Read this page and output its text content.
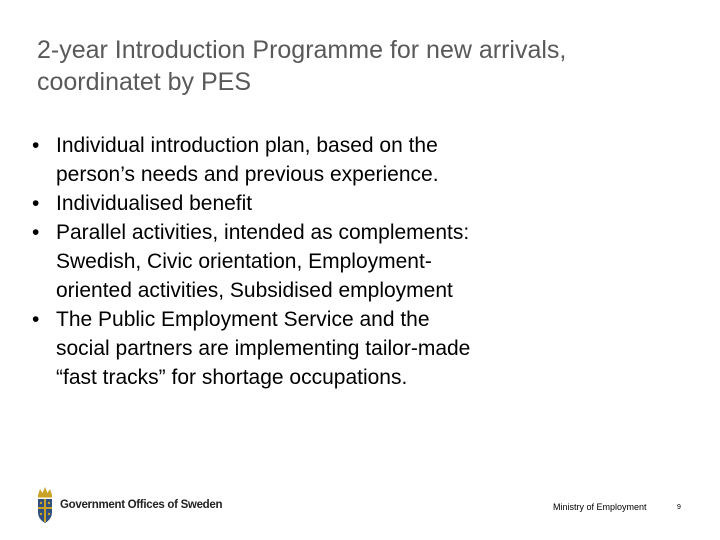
2-year Introduction Programme for new arrivals, coordinatet by PES
• Individual introduction plan, based on the person’s needs and previous experience.
• Individualised benefit
• Parallel activities, intended as complements: Swedish, Civic orientation, Employment-oriented activities, Subsidised employment
• The Public Employment Service and the social partners are implementing tailor-made “fast tracks” for shortage occupations.
Government Offices of Sweden	Ministry of Employment	9
